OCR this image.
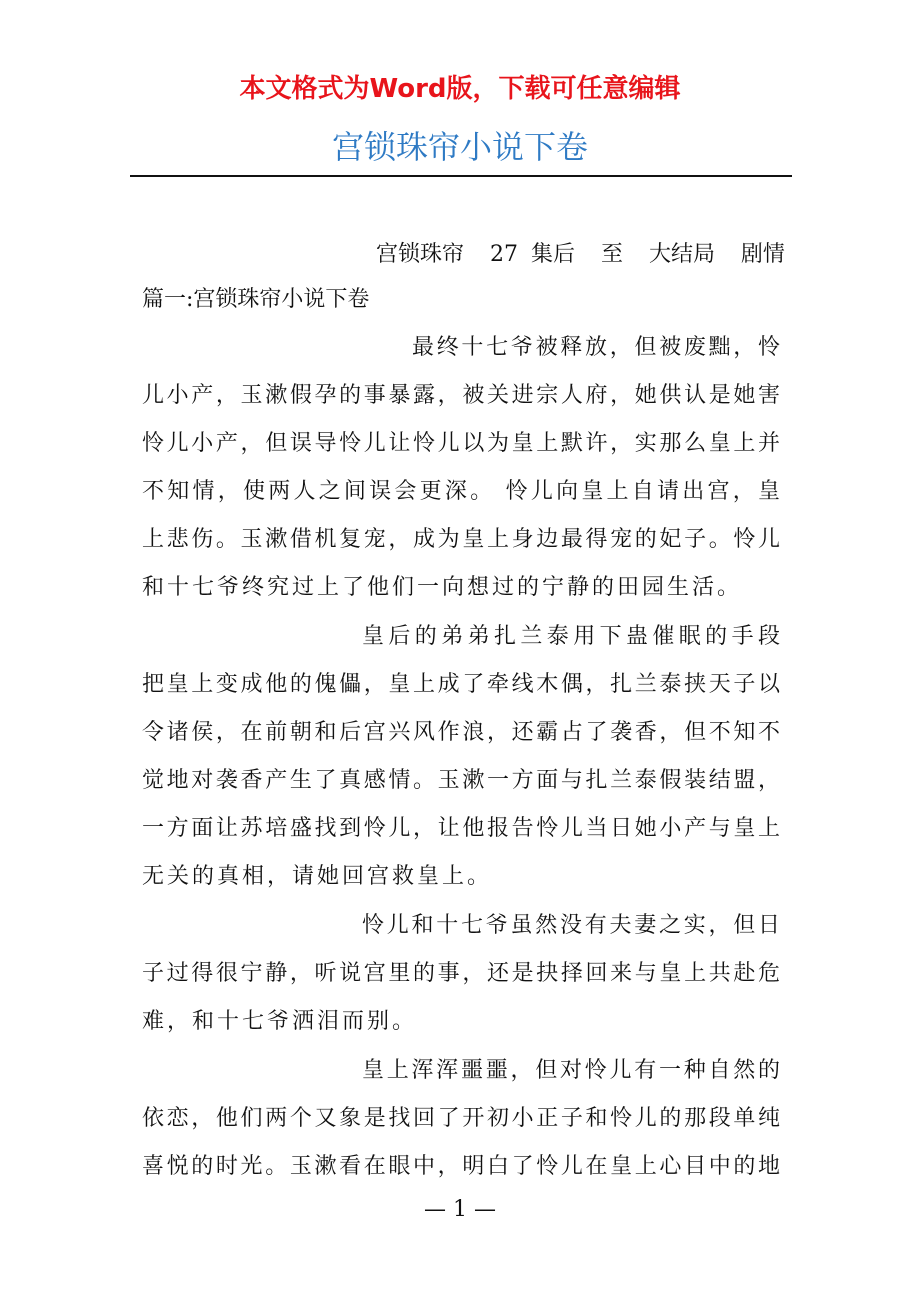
本文格式为Word版，下载可任意编辑
宫锁珠帘小说下卷
宫锁珠帘  27 集后  至  大结局  剧情
篇一:宫锁珠帘小说下卷
最终十七爷被释放，但被废黜，怜
儿小产，玉漱假孕的事暴露，被关进宗人府，她供认是她害
怜儿小产，但误导怜儿让怜儿以为皇上默许，实那么皇上并
不知情，使两人之间误会更深。 怜儿向皇上自请出宫，皇
上悲伤。玉漱借机复宠，成为皇上身边最得宠的妃子。怜儿
和十七爷终究过上了他们一向想过的宁静的田园生活。
皇后的弟弟扎兰泰用下蛊催眠的手段
把皇上变成他的傀儡，皇上成了牵线木偶，扎兰泰挟天子以
令诸侯，在前朝和后宫兴风作浪，还霸占了袭香，但不知不
觉地对袭香产生了真感情。玉漱一方面与扎兰泰假装结盟，
一方面让苏培盛找到怜儿，让他报告怜儿当日她小产与皇上
无关的真相，请她回宫救皇上。
怜儿和十七爷虽然没有夫妻之实，但日
子过得很宁静，听说宫里的事，还是抉择回来与皇上共赴危
难，和十七爷洒泪而别。
皇上浑浑噩噩，但对怜儿有一种自然的
依恋，他们两个又象是找回了开初小正子和怜儿的那段单纯
喜悦的时光。玉漱看在眼中，明白了怜儿在皇上心目中的地
— 1 —
